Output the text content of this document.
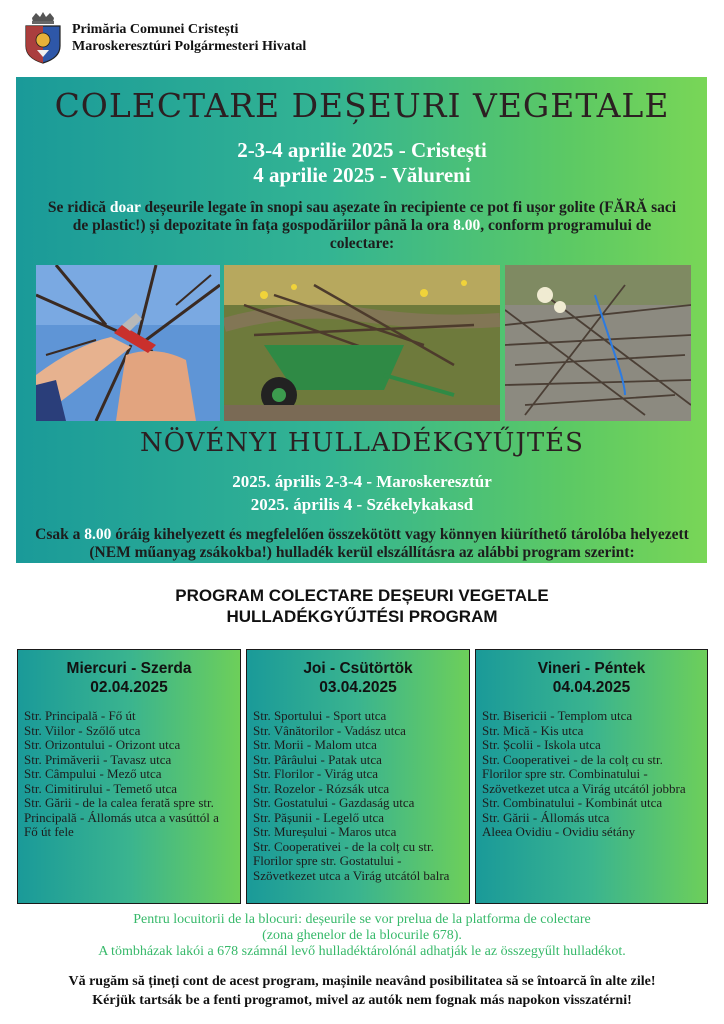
Primăria Comunei Cristești
Maroskeresztúri Polgármesteri Hivatal
COLECTARE DEȘEURI VEGETALE
2-3-4 aprilie 2025 - Cristești
4 aprilie 2025 - Vălureni
Se ridică doar deșeurile legate în snopi sau așezate în recipiente ce pot fi ușor golite (FĂRĂ saci de plastic!) și depozitate în fața gospodăriilor până la ora 8.00, conform programului de colectare:
NÖVÉNYI HULLADÉKGYŰJTÉS
2025. április 2-3-4 - Maroskeresztúr
2025. április 4 - Székelykakasd
Csak a 8.00 óráig kihelyezett és megfelelően összekötött vagy könnyen kiüríthető tárolóba helyezett (NEM műanyag zsákokba!) hulladék kerül elszállításra az alábbi program szerint:
PROGRAM COLECTARE DEȘEURI VEGETALE
HULLADÉKGYŰJTÉSI PROGRAM
Miercuri - Szerda
02.04.2025
Str. Principală - Fő út
Str. Viilor - Szőlő utca
Str. Orizontului - Orizont utca
Str. Primăverii - Tavasz utca
Str. Câmpului - Mező utca
Str. Cimitirului - Temető utca
Str. Gării - de la calea ferată spre str. Principală - Állomás utca a vasúttól a Fő út fele
Joi - Csütörtök
03.04.2025
Str. Sportului - Sport utca
Str. Vânătorilor - Vadász utca
Str. Morii - Malom utca
Str. Pârâului - Patak utca
Str. Florilor - Virág utca
Str. Rozelor - Rózsák utca
Str. Gostatului - Gazdaság utca
Str. Pășunii - Legelő utca
Str. Mureșului - Maros utca
Str. Cooperativei - de la colț cu str. Florilor spre str. Gostatului - Szövetkezet utca a Virág utcától balra
Vineri - Péntek
04.04.2025
Str. Bisericii - Templom utca
Str. Mică - Kis utca
Str. Școlii - Iskola utca
Str. Cooperativei - de la colț cu str. Florilor spre str. Combinatului - Szövetkezet utca a Virág utcától jobbra
Str. Combinatului - Kombinát utca
Str. Gării - Állomás utca
Aleea Ovidiu - Ovidiu sétány
Pentru locuitorii de la blocuri: deșeurile se vor prelua de la platforma de colectare
(zona ghenelor de la blocurile 678).
A tömbházak lakói a 678 számnál levő hulladéktárolónál adhatják le az összegyűlt hulladékot.
Vă rugăm să țineți cont de acest program, mașinile neavând posibilitatea să se întoarcă în alte zile!
Kérjük tartsák be a fenti programot, mivel az autók nem fognak más napokon visszatérni!
